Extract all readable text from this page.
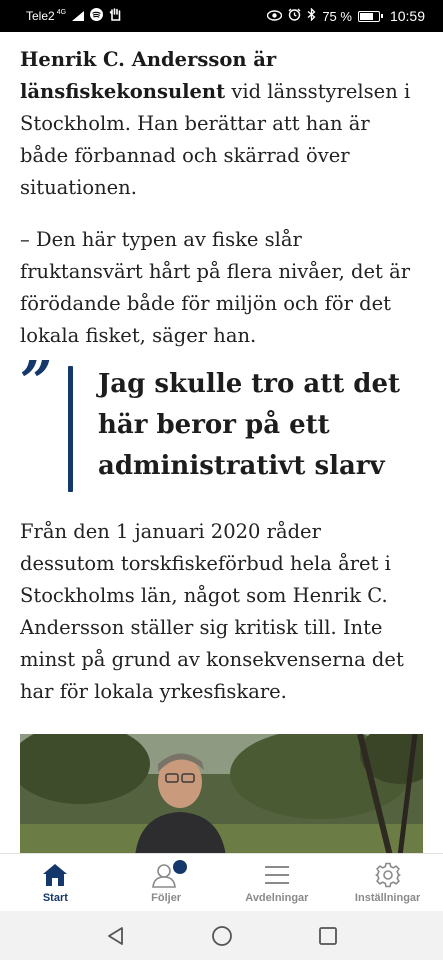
Tele2 4G	75 %	10:59

Henrik C. Andersson är länsfiskekonsulent vid länsstyrelsen i Stockholm. Han berättar att han är både förbannad och skärrad över situationen.

– Den här typen av fiske slår fruktansvärt hårt på flera nivåer, det är förödande både för miljön och för det lokala fisket, säger han.

” Jag skulle tro att det här beror på ett administrativt slarv

Från den 1 januari 2020 råder dessutom torskfiskeförbud hela året i Stockholms län, något som Henrik C. Andersson ställer sig kritisk till. Inte minst på grund av konsekvenserna det har för lokala yrkesfiskare.

Start	Följer	Avdelningar	Inställningar
